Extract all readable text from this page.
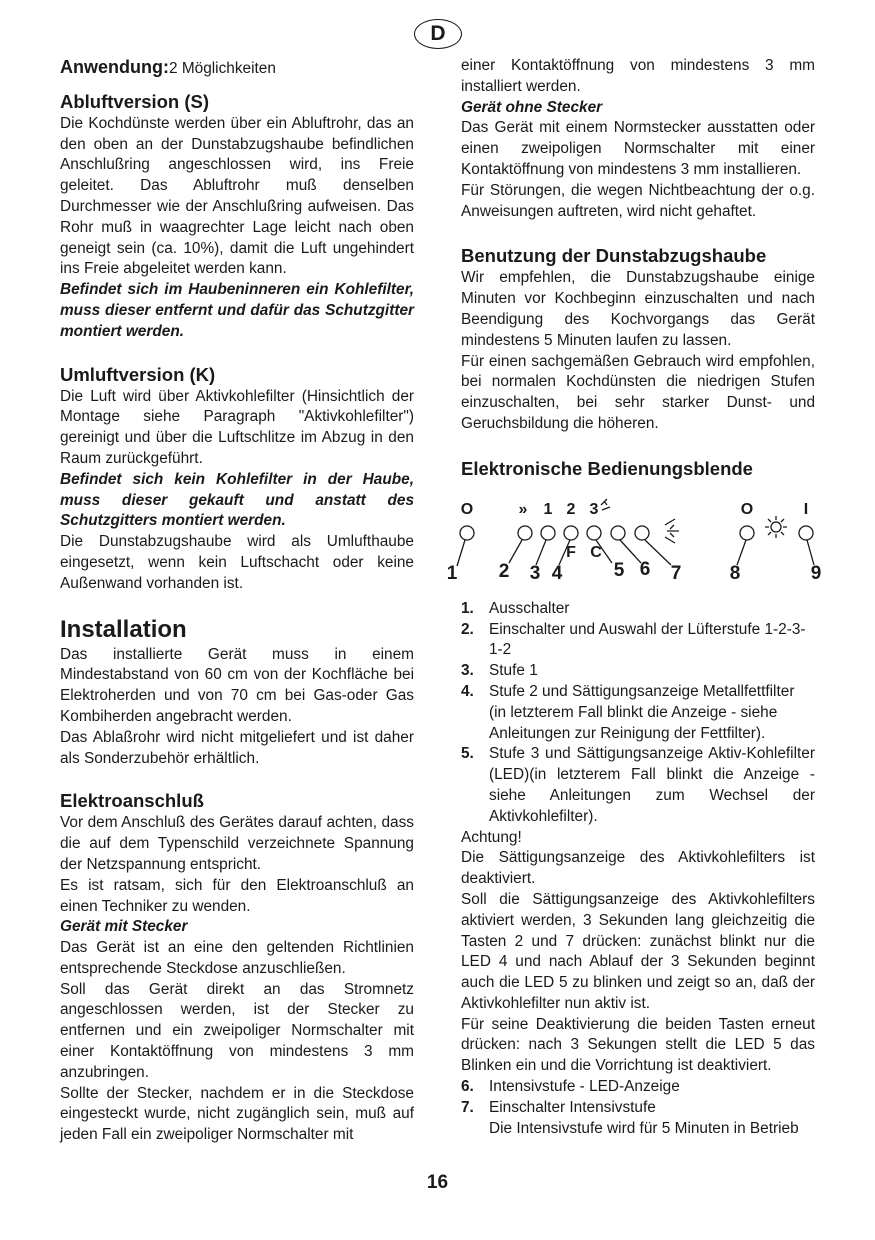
D

Anwendung:2 Möglichkeiten

Abluftversion (S)

Die Kochdünste werden über ein Abluftrohr, das an den oben an der Dunstabzugshaube befindlichen Anschlußring angeschlossen wird, ins Freie geleitet. Das Abluftrohr muß denselben Durchmesser wie der Anschlußring aufweisen. Das Rohr muß in waagrechter Lage leicht nach oben geneigt sein (ca. 10%), damit die Luft ungehindert ins Freie abgeleitet werden kann.

Befindet sich im Haubeninneren ein Kohlefilter, muss dieser entfernt und dafür das Schutzgitter montiert werden.

Umluftversion (K)

Die Luft wird über Aktivkohlefilter (Hinsichtlich der Montage siehe Paragraph "Aktivkohlefilter") gereinigt und über die Luftschlitze im Abzug in den Raum zurückgeführt.

Befindet sich kein Kohlefilter in der Haube, muss dieser gekauft und anstatt des Schutzgitters montiert werden.

Die Dunstabzugshaube wird als Umlufthaube eingesetzt, wenn kein Luftschacht oder keine Außenwand vorhanden ist.

Installation

Das installierte Gerät muss in einem Mindestabstand von 60 cm von der Kochfläche bei Elektroherden und von 70 cm bei Gas-oder Gas Kombiherden angebracht werden.

Das Ablaßrohr wird nicht mitgeliefert und ist daher als Sonderzubehör erhältlich.

Elektroanschluß

Vor dem Anschluß des Gerätes darauf achten, dass die auf dem Typenschild verzeichnete Spannung der Netzspannung entspricht.

Es ist ratsam, sich für den Elektroanschluß an einen Techniker zu wenden.

Gerät mit Stecker

Das Gerät ist an eine den geltenden Richtlinien entsprechende Steckdose anzuschließen.

Soll das Gerät direkt an das Stromnetz angeschlossen werden, ist der Stecker zu entfernen und ein zweipoliger Normschalter mit einer Kontaktöffnung von mindestens 3 mm anzubringen.

Sollte der Stecker, nachdem er in die Steckdose eingesteckt wurde, nicht zugänglich sein, muß auf jeden Fall ein zweipoliger Normschalter mit

einer Kontaktöffnung von mindestens 3 mm installiert werden.

Gerät ohne Stecker

Das Gerät mit einem Normstecker ausstatten oder einen zweipoligen Normschalter mit einer Kontaktöffnung von mindestens 3 mm installieren.

Für Störungen, die wegen Nichtbeachtung der o.g. Anweisungen auftreten, wird nicht gehaftet.

Benutzung der Dunstabzugshaube

Wir empfehlen, die Dunstabzugshaube einige Minuten vor Kochbeginn einzuschalten und nach Beendigung des Kochvorgangs das Gerät mindestens 5 Minuten laufen zu lassen.

Für einen sachgemäßen Gebrauch wird empfohlen, bei normalen Kochdünsten die niedrigen Stufen einzuschalten, bei sehr starker Dunst- und Geruchsbildung die höheren.

Elektronische Bedienungsblende

»
O	1 2 3	O	I
F C
1 2 3 4	5 6 7	8	9
1. Ausschalter
2. Einschalter und Auswahl der Lüfterstufe 1-2-3-1-2
3. Stufe 1
4. Stufe 2 und Sättigungsanzeige Metallfettfilter (in letzterem Fall blinkt die Anzeige - siehe Anleitungen zur Reinigung der Fettfilter).
5. Stufe 3 und Sättigungsanzeige Aktiv-Kohlefilter (LED)(in letzterem Fall blinkt die Anzeige - siehe Anleitungen zum Wechsel der Aktivkohlefilter).

Achtung!

Die Sättigungsanzeige des Aktivkohlefilters ist deaktiviert.

Soll die Sättigungsanzeige des Aktivkohlefilters aktiviert werden, 3 Sekunden lang gleichzeitig die Tasten 2 und 7 drücken: zunächst blinkt nur die LED 4 und nach Ablauf der 3 Sekunden beginnt auch die LED 5 zu blinken und zeigt so an, daß der Aktivkohlefilter nun aktiv ist.

Für seine Deaktivierung die beiden Tasten erneut drücken: nach 3 Sekungen stellt die LED 5 das Blinken ein und die Vorrichtung ist deaktiviert.

6. Intensivstufe - LED-Anzeige
7. Einschalter Intensivstufe
Die Intensivstufe wird für 5 Minuten in Betrieb
16
